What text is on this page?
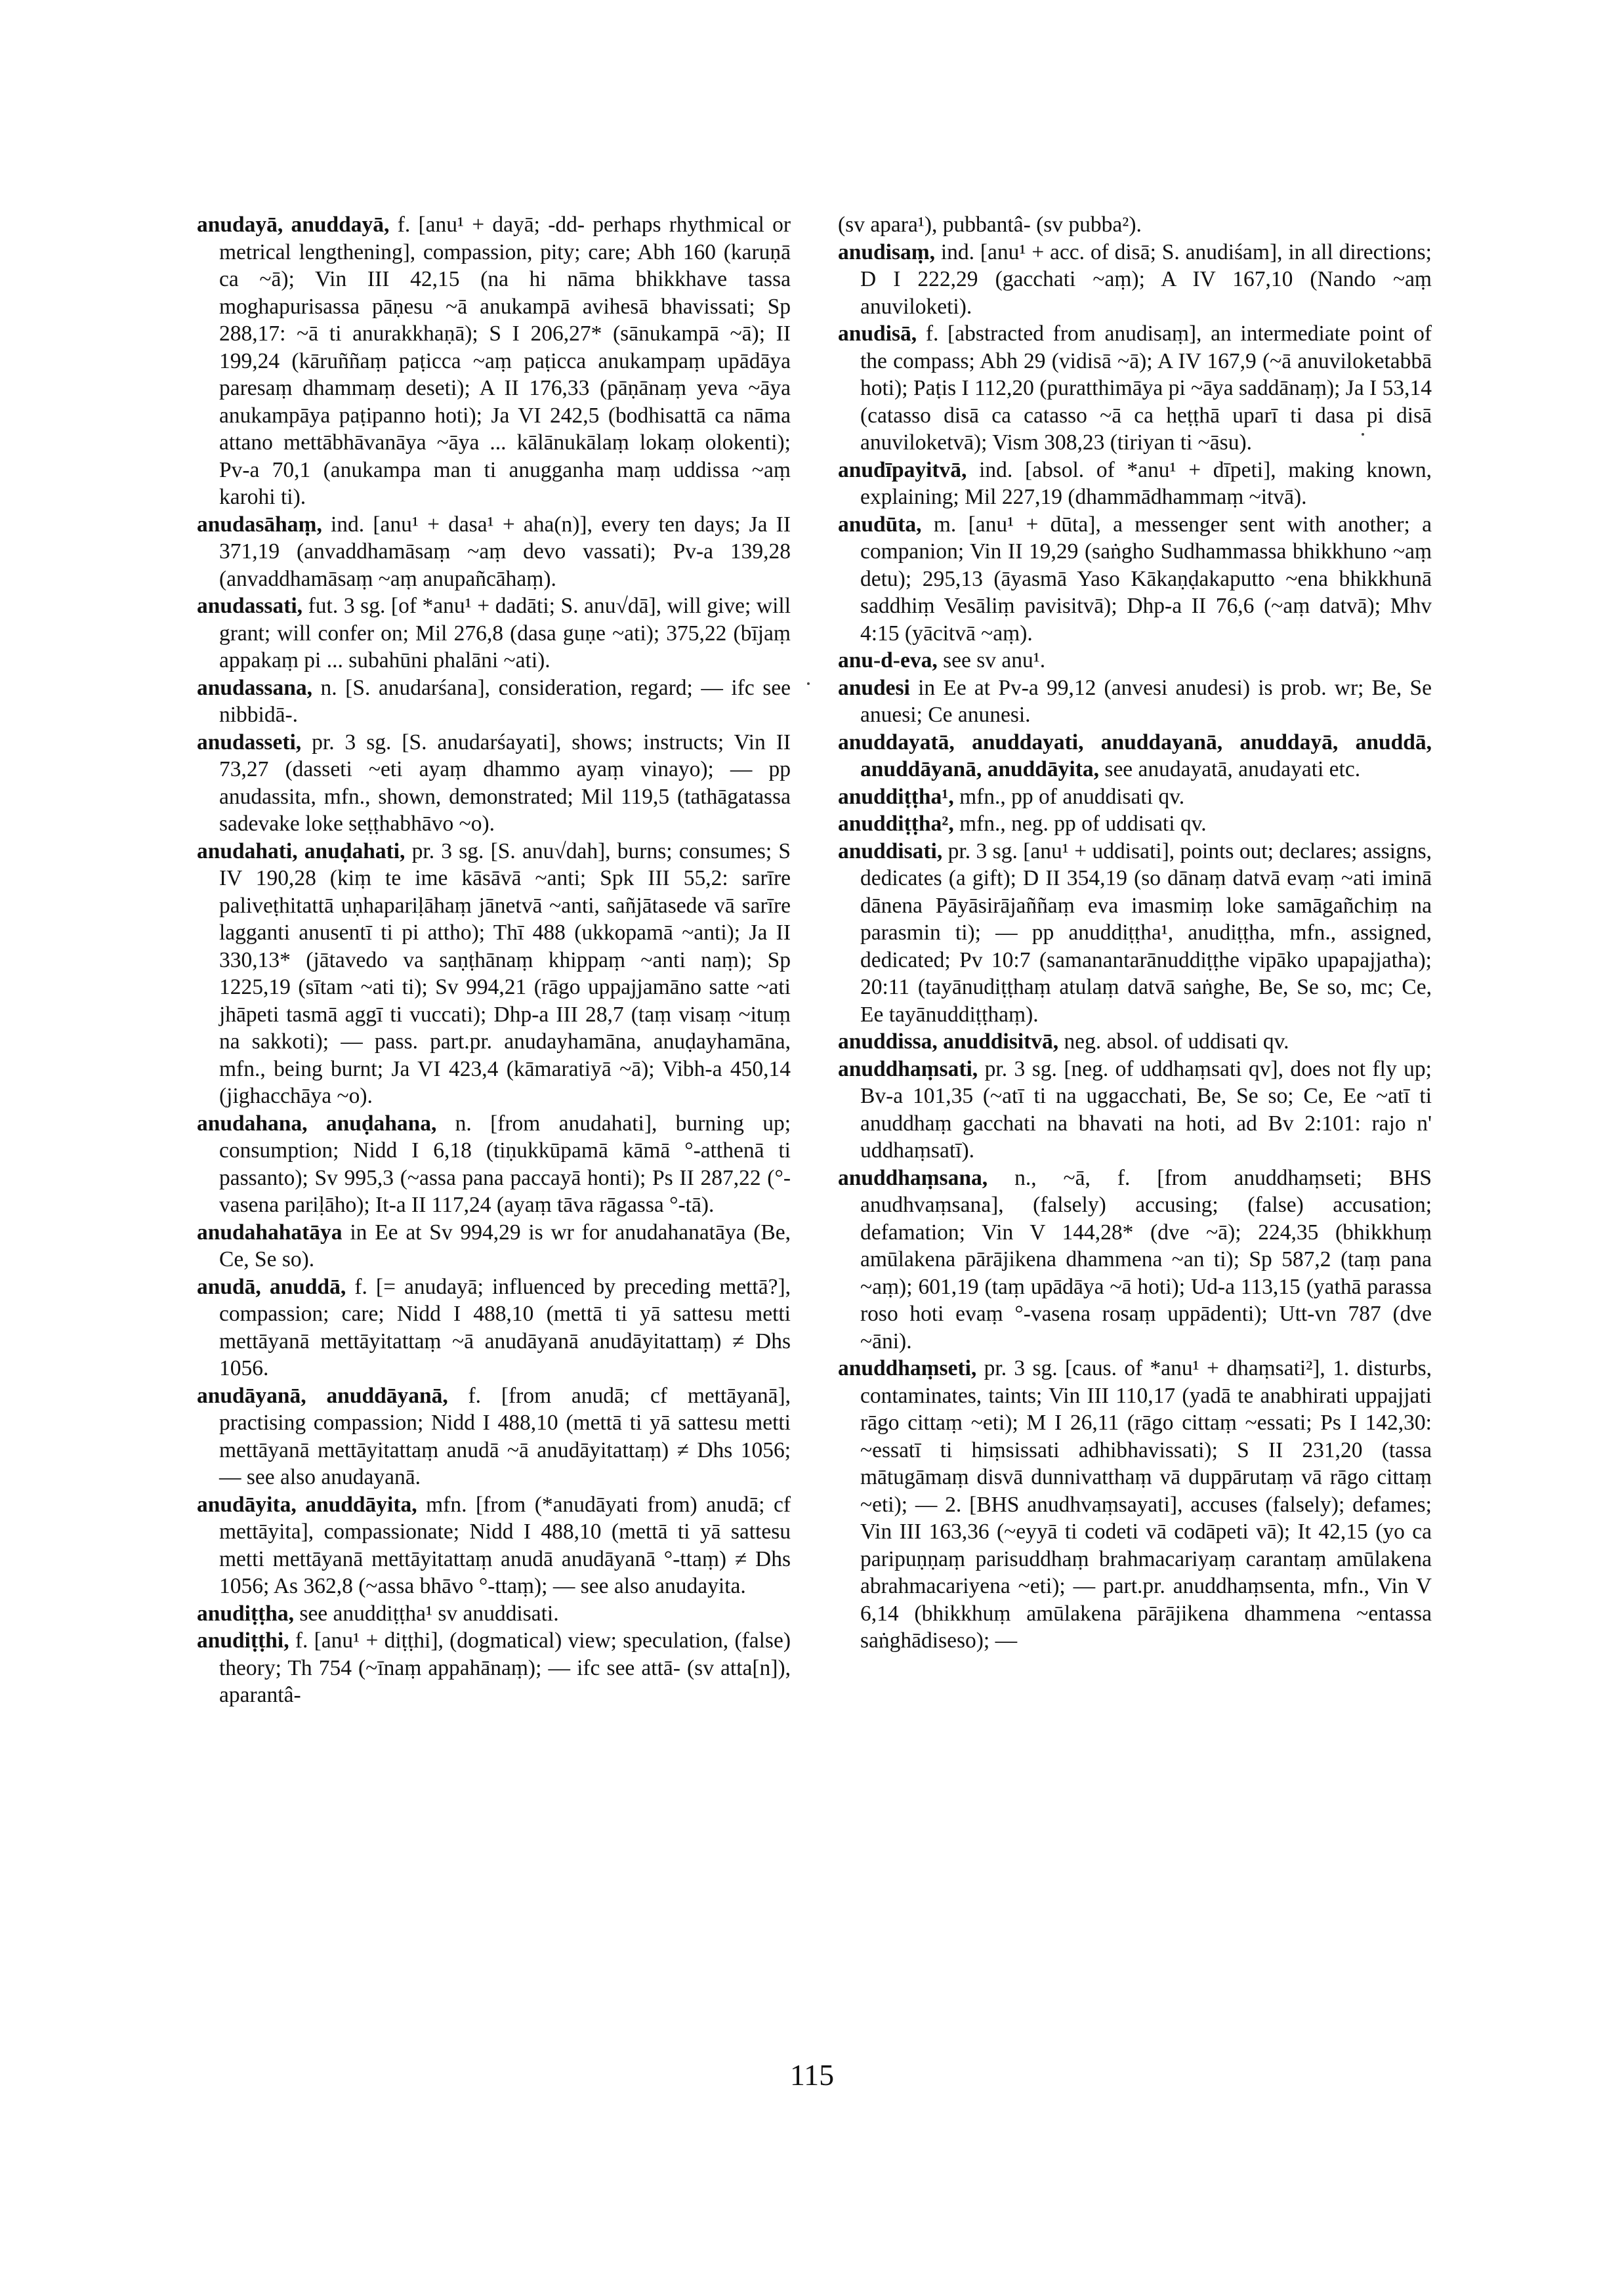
anudayā, anuddayā, f. [anu¹ + dayā; -dd- perhaps rhythmical or metrical lengthening], compassion, pity; care; Abh 160 (karuṇā ca ~ā); Vin III 42,15 (na hi nāma bhikkhave tassa moghapurisassa pāṇesu ~ā anukampā avihesā bhavissati; Sp 288,17: ~ā ti anurakkhaṇā); S I 206,27* (sānukampā ~ā); II 199,24 (kāruññaṃ paṭicca ~aṃ paṭicca anukampaṃ upādāya paresaṃ dhammaṃ deseti); A II 176,33 (pāṇānaṃ yeva ~āya anukampāya paṭipanno hoti); Ja VI 242,5 (bodhisattā ca nāma attano mettābhāvanāya ~āya ... kālānukālaṃ lokaṃ olokenti); Pv-a 70,1 (anukampa man ti anugganha maṃ uddissa ~aṃ karohi ti).

anudasāhaṃ, ind. [anu¹ + dasa¹ + aha(n)], every ten days; Ja II 371,19 (anvaddhamāsaṃ ~aṃ devo vassati); Pv-a 139,28 (anvaddhamāsaṃ ~aṃ anupañcāhaṃ).

anudassati, fut. 3 sg. [of *anu¹ + dadāti; S. anu√dā], will give; will grant; will confer on; Mil 276,8 (dasa guṇe ~ati); 375,22 (bījaṃ appakaṃ pi ... subahūni phalāni ~ati).

anudassana, n. [S. anudarśana], consideration, regard; — ifc see nibbidā-.

anudasseti, pr. 3 sg. [S. anudarśayati], shows; instructs; Vin II 73,27 (dasseti ~eti ayaṃ dhammo ayaṃ vinayo); — pp anudassita, mfn., shown, demonstrated; Mil 119,5 (tathāgatassa sadevake loke seṭṭhabhāvo ~o).

anudahati, anuḍahati, pr. 3 sg. [S. anu√dah], burns; consumes; S IV 190,28 (kiṃ te ime kāsāvā ~anti; Spk III 55,2: sarīre paliveṭhitattā uṇhapariḷāhaṃ jānetvā ~anti, sañjātasede vā sarīre lagganti anusentī ti pi attho); Thī 488 (ukkopamā ~anti); Ja II 330,13* (jātavedo va saṇṭhānaṃ khippaṃ ~anti naṃ); Sp 1225,19 (sītam ~ati ti); Sv 994,21 (rāgo uppajjamāno satte ~ati jhāpeti tasmā aggī ti vuccati); Dhp-a III 28,7 (taṃ visaṃ ~ituṃ na sakkoti); — pass. part.pr. anudayhamāna, anuḍayhamāna, mfn., being burnt; Ja VI 423,4 (kāmaratiyā ~ā); Vibh-a 450,14 (jighacchāya ~o).

anudahana, anuḍahana, n. [from anudahati], burning up; consumption; Nidd I 6,18 (tiṇukkūpamā kāmā °-atthenā ti passanto); Sv 995,3 (~assa pana paccayā honti); Ps II 287,22 (°-vasena pariḷāho); It-a II 117,24 (ayaṃ tāva rāgassa °-tā).

anudahahatāya in Ee at Sv 994,29 is wr for anudahanatāya (Be, Ce, Se so).

anudā, anuddā, f. [= anudayā; influenced by preceding mettā?], compassion; care; Nidd I 488,10 (mettā ti yā sattesu metti mettāyanā mettāyitattaṃ ~ā anudāyanā anudāyitattaṃ) ≠ Dhs 1056.

anudāyanā, anuddāyanā, f. [from anudā; cf mettāyanā], practising compassion; Nidd I 488,10 (mettā ti yā sattesu metti mettāyanā mettāyitattaṃ anudā ~ā anudāyitattaṃ) ≠ Dhs 1056; — see also anudayanā.

anudāyita, anuddāyita, mfn. [from (*anudāyati from) anudā; cf mettāyita], compassionate; Nidd I 488,10 (mettā ti yā sattesu metti mettāyanā mettāyitattaṃ anudā anudāyanā °-ttaṃ) ≠ Dhs 1056; As 362,8 (~assa bhāvo °-ttaṃ); — see also anudayita.

anudiṭṭha, see anuddiṭṭha¹ sv anuddisati.

anudiṭṭhi, f. [anu¹ + diṭṭhi], (dogmatical) view; speculation, (false) theory; Th 754 (~īnaṃ appahānaṃ); — ifc see attā- (sv atta[n]), aparantâ-

(sv apara¹), pubbantâ- (sv pubba²).

anudisaṃ, ind. [anu¹ + acc. of disā; S. anudiśam], in all directions; D I 222,29 (gacchati ~aṃ); A IV 167,10 (Nando ~aṃ anuviloketi).

anudisā, f. [abstracted from anudisaṃ], an intermediate point of the compass; Abh 29 (vidisā ~ā); A IV 167,9 (~ā anuviloketabbā hoti); Paṭis I 112,20 (puratthimāya pi ~āya saddānaṃ); Ja I 53,14 (catasso disā ca catasso ~ā ca heṭṭhā uparī ti dasa pi disā anuviloketvā); Vism 308,23 (tiriyan ti ~āsu).

anudīpayitvā, ind. [absol. of *anu¹ + dīpeti], making known, explaining; Mil 227,19 (dhammādhammaṃ ~itvā).

anudūta, m. [anu¹ + dūta], a messenger sent with another; a companion; Vin II 19,29 (saṅgho Sudhammassa bhikkhuno ~aṃ detu); 295,13 (āyasmā Yaso Kākaṇḍakaputto ~ena bhikkhunā saddhiṃ Vesāliṃ pavisitvā); Dhp-a II 76,6 (~aṃ datvā); Mhv 4:15 (yācitvā ~aṃ).

anu-d-eva, see sv anu¹.

anudesi in Ee at Pv-a 99,12 (anvesi anudesi) is prob. wr; Be, Se anuesi; Ce anunesi.

anuddayatā, anuddayati, anuddayanā, anuddayā, anuddā, anuddāyanā, anuddāyita, see anudayatā, anudayati etc.

anuddiṭṭha¹, mfn., pp of anuddisati qv.

anuddiṭṭha², mfn., neg. pp of uddisati qv.

anuddisati, pr. 3 sg. [anu¹ + uddisati], points out; declares; assigns, dedicates (a gift); D II 354,19 (so dānaṃ datvā evaṃ ~ati iminā dānena Pāyāsirājaññaṃ eva imasmiṃ loke samāgañchiṃ na parasmin ti); — pp anuddiṭṭha¹, anudiṭṭha, mfn., assigned, dedicated; Pv 10:7 (samanantarānuddiṭṭhe vipāko upapajjatha); 20:11 (tayānudiṭṭhaṃ atulaṃ datvā saṅghe, Be, Se so, mc; Ce, Ee tayānuddiṭṭhaṃ).

anuddissa, anuddisitvā, neg. absol. of uddisati qv.

anuddhaṃsati, pr. 3 sg. [neg. of uddhaṃsati qv], does not fly up; Bv-a 101,35 (~atī ti na uggacchati, Be, Se so; Ce, Ee ~atī ti anuddhaṃ gacchati na bhavati na hoti, ad Bv 2:101: rajo n' uddhaṃsatī).

anuddhaṃsana, n., ~ā, f. [from anuddhaṃseti; BHS anudhvaṃsana], (falsely) accusing; (false) accusation; defamation; Vin V 144,28* (dve ~ā); 224,35 (bhikkhuṃ amūlakena pārājikena dhammena ~an ti); Sp 587,2 (taṃ pana ~aṃ); 601,19 (taṃ upādāya ~ā hoti); Ud-a 113,15 (yathā parassa roso hoti evaṃ °-vasena rosaṃ uppādenti); Utt-vn 787 (dve ~āni).

anuddhaṃseti, pr. 3 sg. [caus. of *anu¹ + dhaṃsati²], 1. disturbs, contaminates, taints; Vin III 110,17 (yadā te anabhirati uppajjati rāgo cittaṃ ~eti); M I 26,11 (rāgo cittaṃ ~essati; Ps I 142,30: ~essatī ti hiṃsissati adhibhavissati); S II 231,20 (tassa mātugāmaṃ disvā dunnivatthaṃ vā duppārutaṃ vā rāgo cittaṃ ~eti); — 2. [BHS anudhvaṃsayati], accuses (falsely); defames; Vin III 163,36 (~eyyā ti codeti vā codāpeti vā); It 42,15 (yo ca paripuṇṇaṃ parisuddhaṃ brahmacariyaṃ carantaṃ amūlakena abrahmacariyena ~eti); — part.pr. anuddhaṃsenta, mfn., Vin V 6,14 (bhikkhuṃ amūlakena pārājikena dhammena ~entassa saṅghādiseso); —

115
